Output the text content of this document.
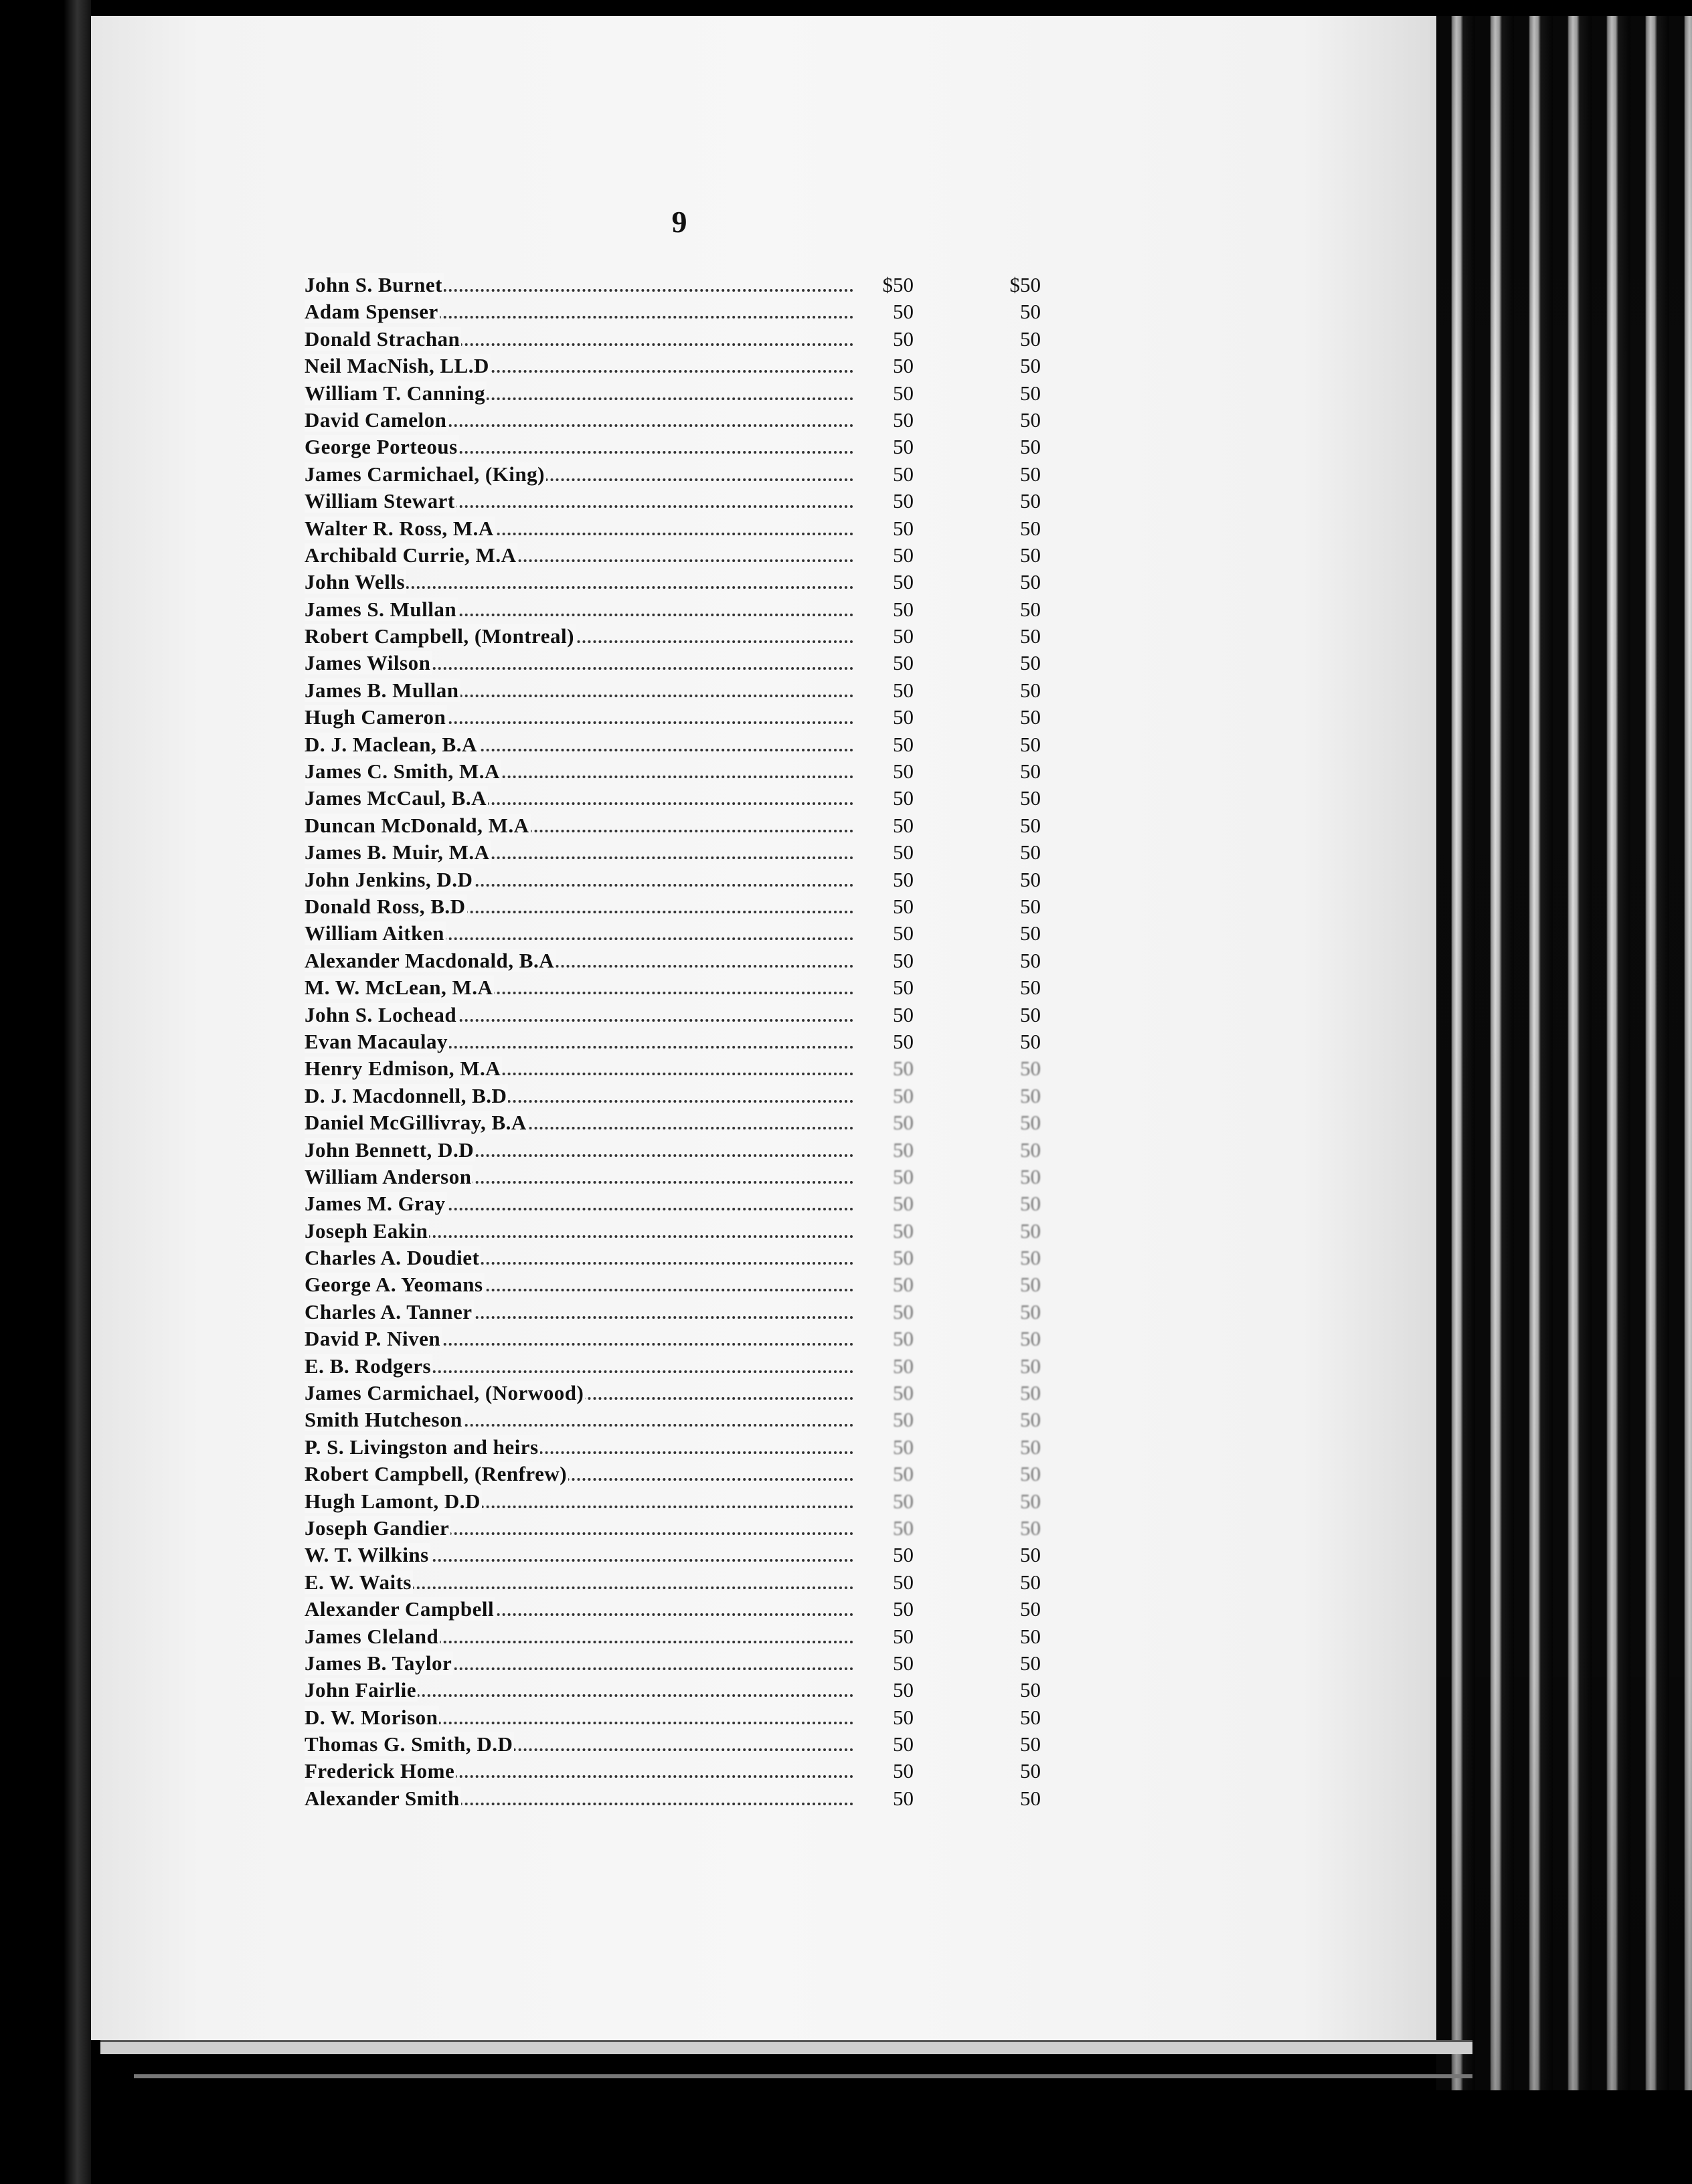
9
John S. Burnet	$50	$50
Adam Spenser	50	50
Donald Strachan	50	50
Neil MacNish, LL.D	50	50
William T. Canning	50	50
David Camelon	50	50
George Porteous	50	50
James Carmichael, (King)	50	50
William Stewart	50	50
Walter R. Ross, M.A	50	50
Archibald Currie, M.A	50	50
John Wells	50	50
James S. Mullan	50	50
Robert Campbell, (Montreal)	50	50
James Wilson	50	50
James B. Mullan	50	50
Hugh Cameron	50	50
D. J. Maclean, B.A	50	50
James C. Smith, M.A	50	50
James McCaul, B.A	50	50
Duncan McDonald, M.A	50	50
James B. Muir, M.A	50	50
John Jenkins, D.D	50	50
Donald Ross, B.D	50	50
William Aitken	50	50
Alexander Macdonald, B.A	50	50
M. W. McLean, M.A	50	50
John S. Lochead	50	50
Evan Macaulay	50	50
Henry Edmison, M.A	50	50
D. J. Macdonnell, B.D	50	50
Daniel McGillivray, B.A	50	50
John Bennett, D.D	50	50
William Anderson	50	50
James M. Gray	50	50
Joseph Eakin	50	50
Charles A. Doudiet	50	50
George A. Yeomans	50	50
Charles A. Tanner	50	50
David P. Niven	50	50
E. B. Rodgers	50	50
James Carmichael, (Norwood)	50	50
Smith Hutcheson	50	50
P. S. Livingston and heirs	50	50
Robert Campbell, (Renfrew)	50	50
Hugh Lamont, D.D	50	50
Joseph Gandier	50	50
W. T. Wilkins	50	50
E. W. Waits	50	50
Alexander Campbell	50	50
James Cleland	50	50
James B. Taylor	50	50
John Fairlie	50	50
D. W. Morison	50	50
Thomas G. Smith, D.D	50	50
Frederick Home	50	50
Alexander Smith	50	50
